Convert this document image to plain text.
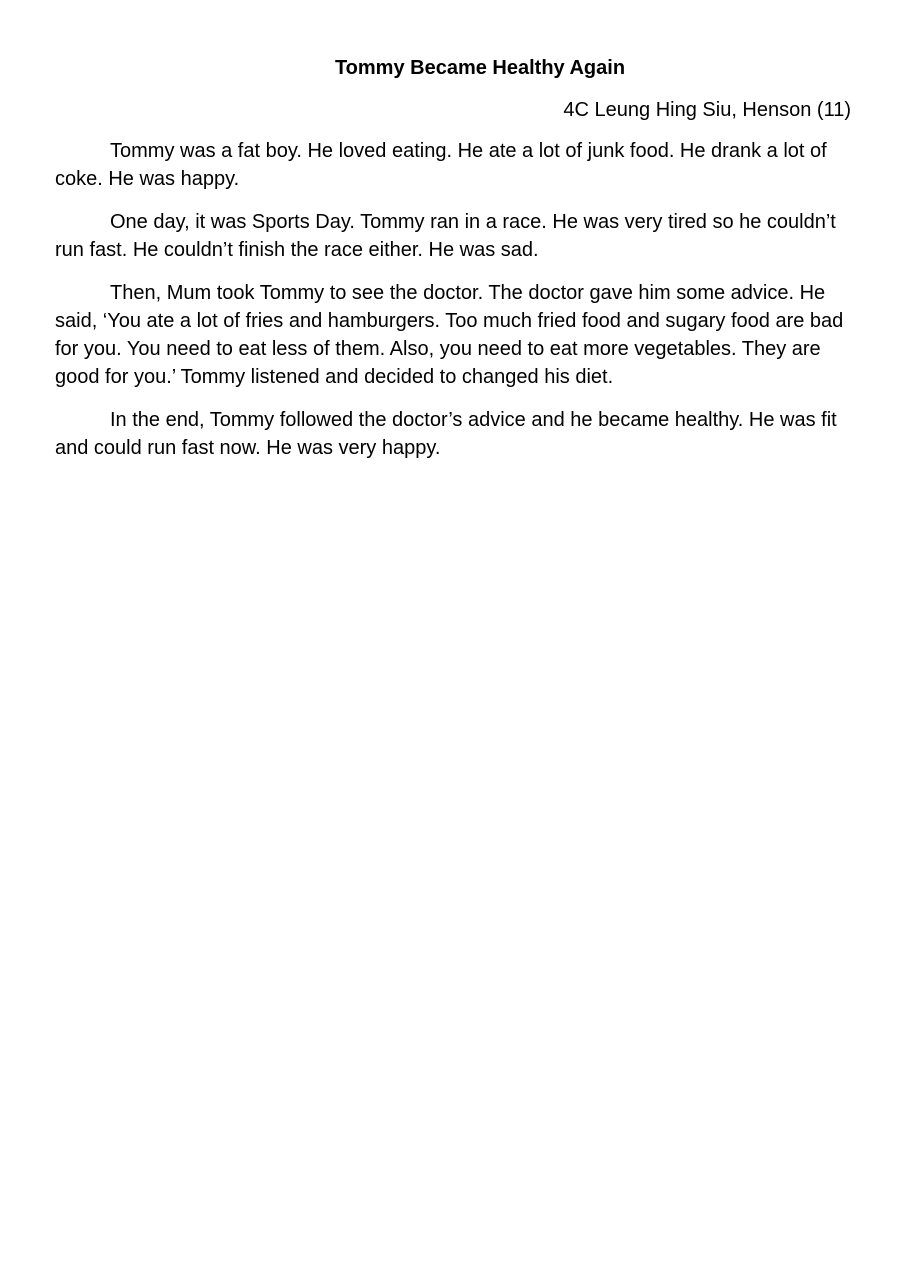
Tommy Became Healthy Again
4C Leung Hing Siu, Henson (11)

Tommy was a fat boy. He loved eating. He ate a lot of junk food. He drank a lot of coke. He was happy.

One day, it was Sports Day. Tommy ran in a race. He was very tired so he couldn’t run fast. He couldn’t finish the race either. He was sad.

Then, Mum took Tommy to see the doctor. The doctor gave him some advice. He said, ‘You ate a lot of fries and hamburgers. Too much fried food and sugary food are bad for you. You need to eat less of them. Also, you need to eat more vegetables. They are good for you.’ Tommy listened and decided to changed his diet.

In the end, Tommy followed the doctor’s advice and he became healthy. He was fit and could run fast now. He was very happy.
